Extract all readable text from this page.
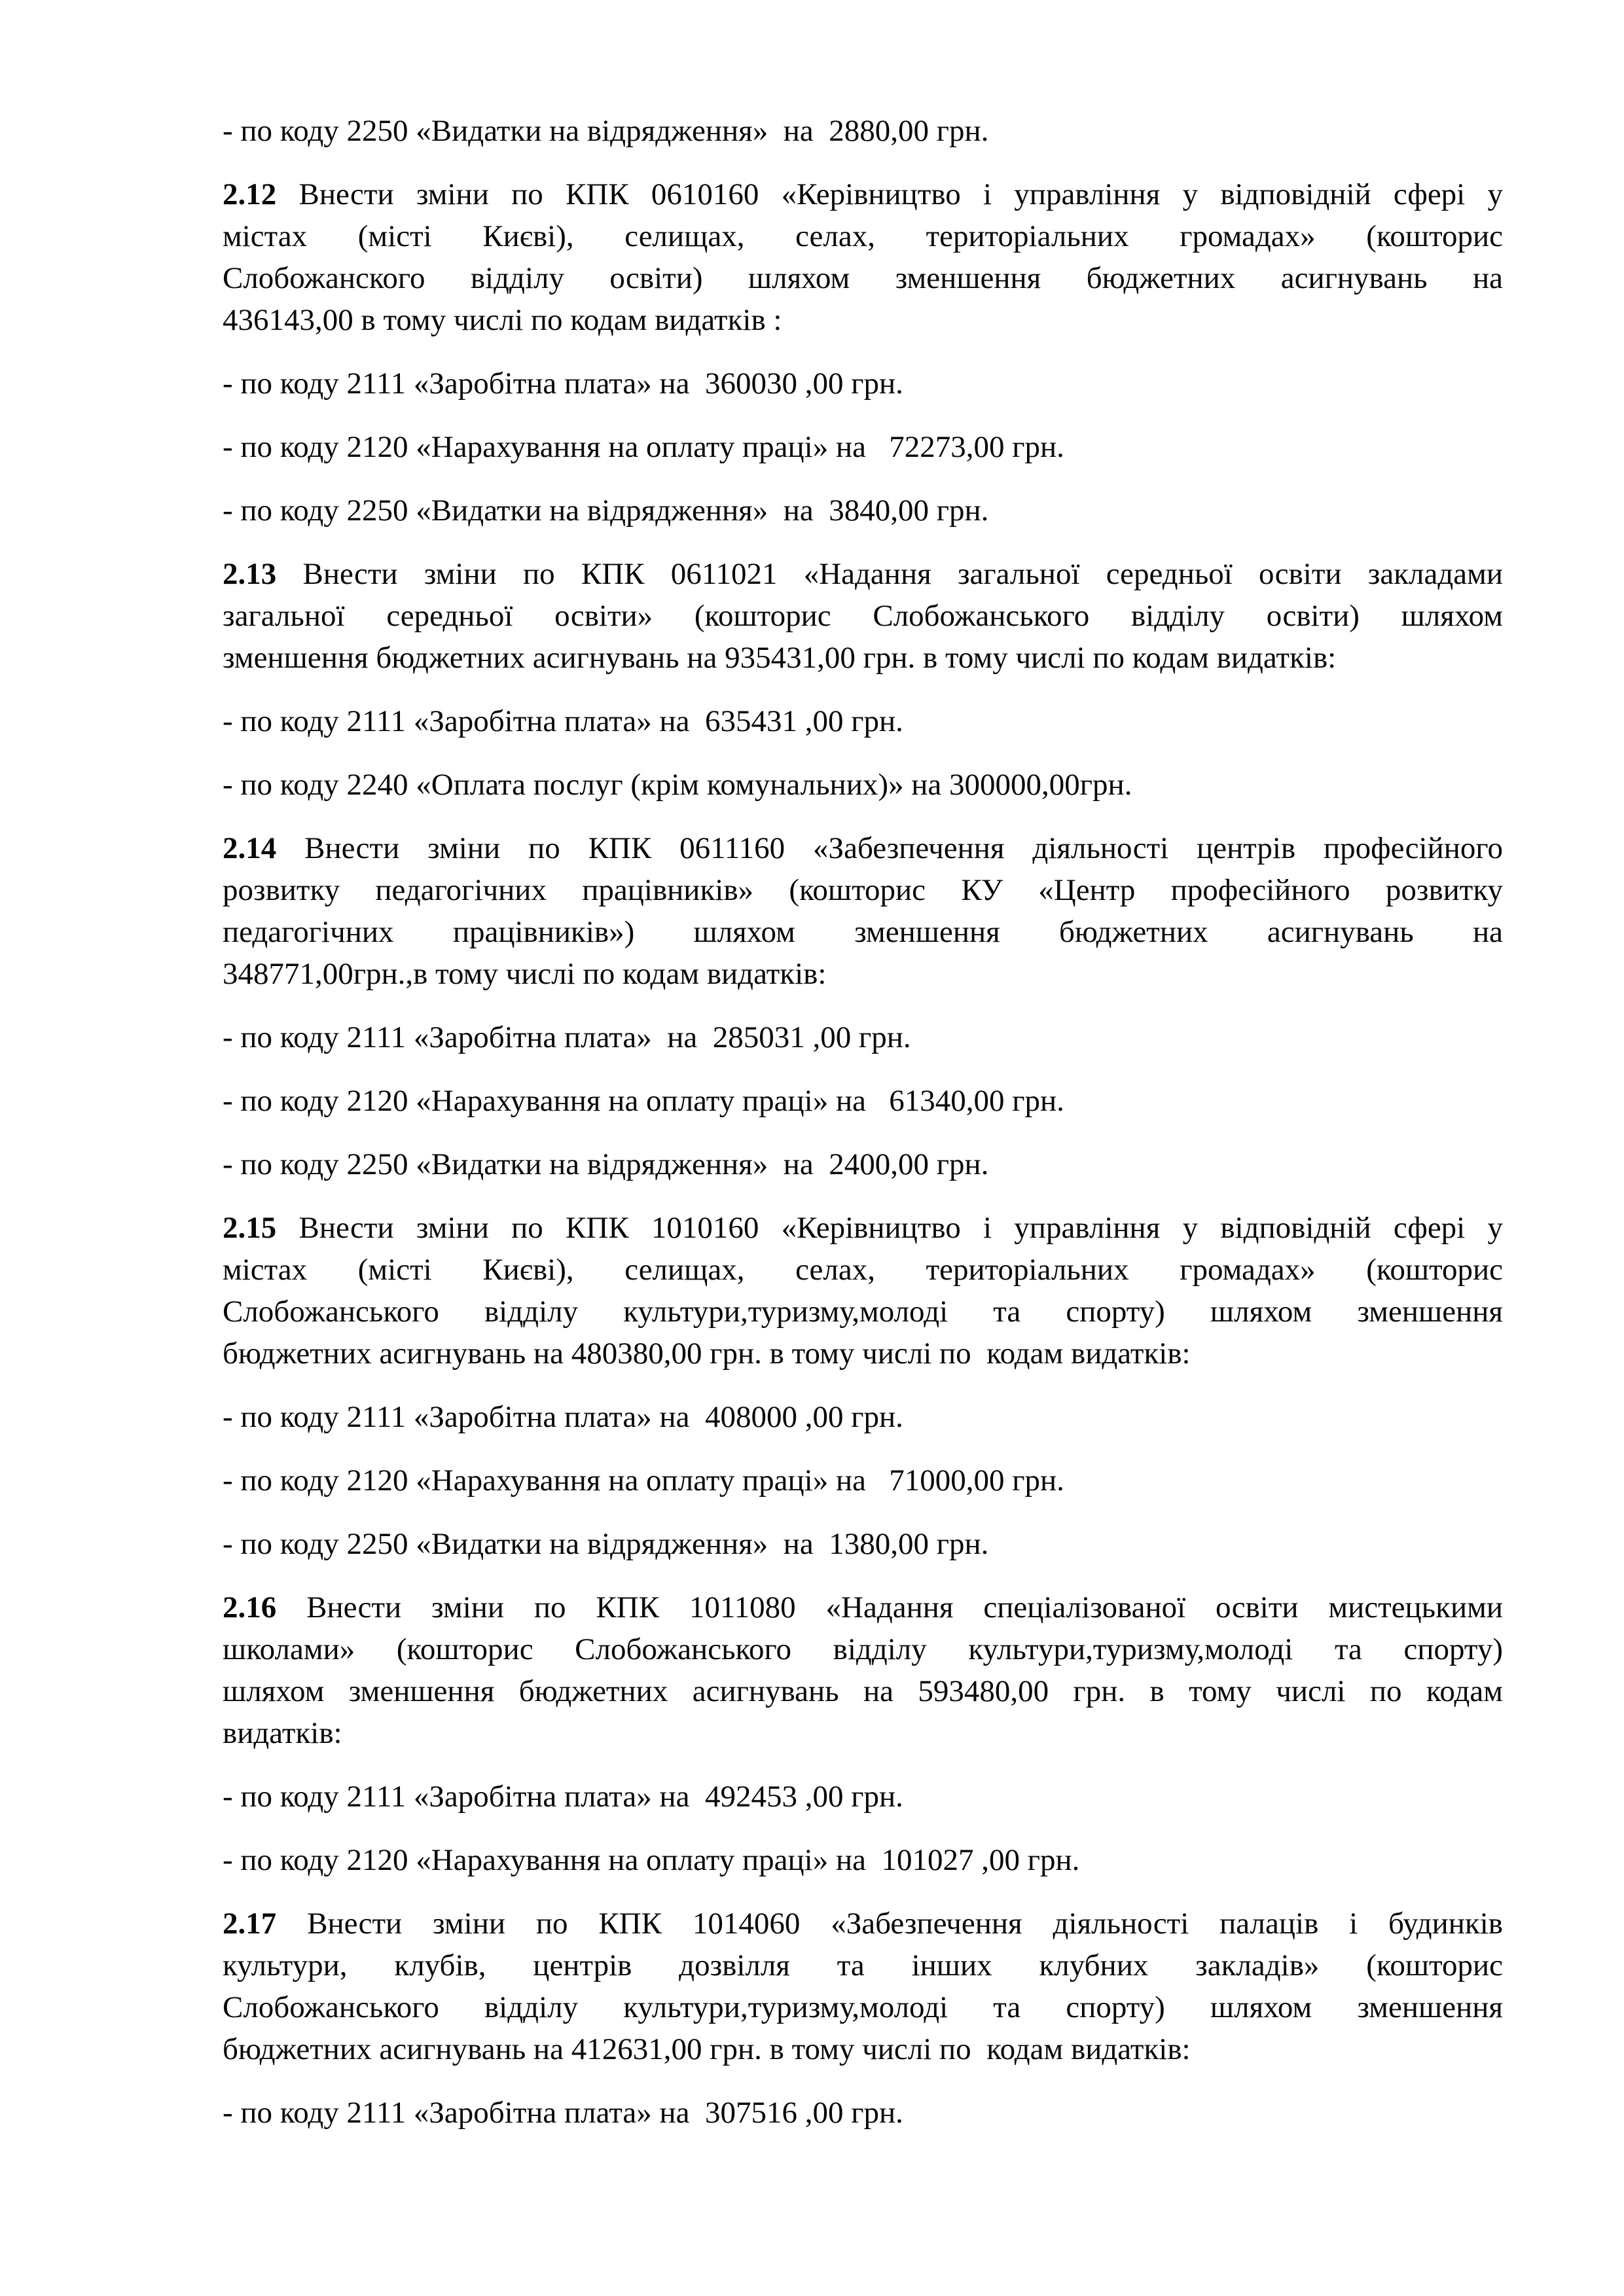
- по коду 2250 «Видатки на відрядження»  на  2880,00 грн.

2.12 Внести зміни по КПК 0610160 «Керівництво і управління у відповідній сфері у
містах (місті Києві), селищах, селах, територіальних громадах» (кошторис
Слобожанского відділу освіти) шляхом зменшення бюджетних асигнувань на
436143,00 в тому числі по кодам видатків :

- по коду 2111 «Заробітна плата» на  360030 ,00 грн.

- по коду 2120 «Нарахування на оплату праці» на   72273,00 грн.

- по коду 2250 «Видатки на відрядження»  на  3840,00 грн.

2.13 Внести зміни по КПК 0611021 «Надання загальної середньої освіти закладами
загальної середньої освіти» (кошторис Слобожанського відділу освіти) шляхом
зменшення бюджетних асигнувань на 935431,00 грн. в тому числі по кодам видатків:

- по коду 2111 «Заробітна плата» на  635431 ,00 грн.

- по коду 2240 «Оплата послуг (крім комунальних)» на 300000,00грн.

2.14 Внести зміни по КПК 0611160 «Забезпечення діяльності центрів професійного
розвитку педагогічних працівників» (кошторис КУ «Центр професійного розвитку
педагогічних працівників») шляхом зменшення бюджетних асигнувань на
348771,00грн.,в тому числі по кодам видатків:

- по коду 2111 «Заробітна плата»  на  285031 ,00 грн.

- по коду 2120 «Нарахування на оплату праці» на   61340,00 грн.

- по коду 2250 «Видатки на відрядження»  на  2400,00 грн.

2.15 Внести зміни по КПК 1010160 «Керівництво і управління у відповідній сфері у
містах (місті Києві), селищах, селах, територіальних громадах» (кошторис
Слобожанського відділу культури,туризму,молоді та спорту) шляхом зменшення
бюджетних асигнувань на 480380,00 грн. в тому числі по  кодам видатків:

- по коду 2111 «Заробітна плата» на  408000 ,00 грн.

- по коду 2120 «Нарахування на оплату праці» на   71000,00 грн.

- по коду 2250 «Видатки на відрядження»  на  1380,00 грн.

2.16 Внести зміни по КПК 1011080 «Надання спеціалізованої освіти мистецькими
школами» (кошторис Слобожанського відділу культури,туризму,молоді та спорту)
шляхом зменшення бюджетних асигнувань на 593480,00 грн. в тому числі по кодам
видатків:

- по коду 2111 «Заробітна плата» на  492453 ,00 грн.

- по коду 2120 «Нарахування на оплату праці» на  101027 ,00 грн.

2.17 Внести зміни по КПК 1014060 «Забезпечення діяльності палаців і будинків
культури, клубів, центрів дозвілля та інших клубних закладів» (кошторис
Слобожанського відділу культури,туризму,молоді та спорту) шляхом зменшення
бюджетних асигнувань на 412631,00 грн. в тому числі по  кодам видатків:

- по коду 2111 «Заробітна плата» на  307516 ,00 грн.
